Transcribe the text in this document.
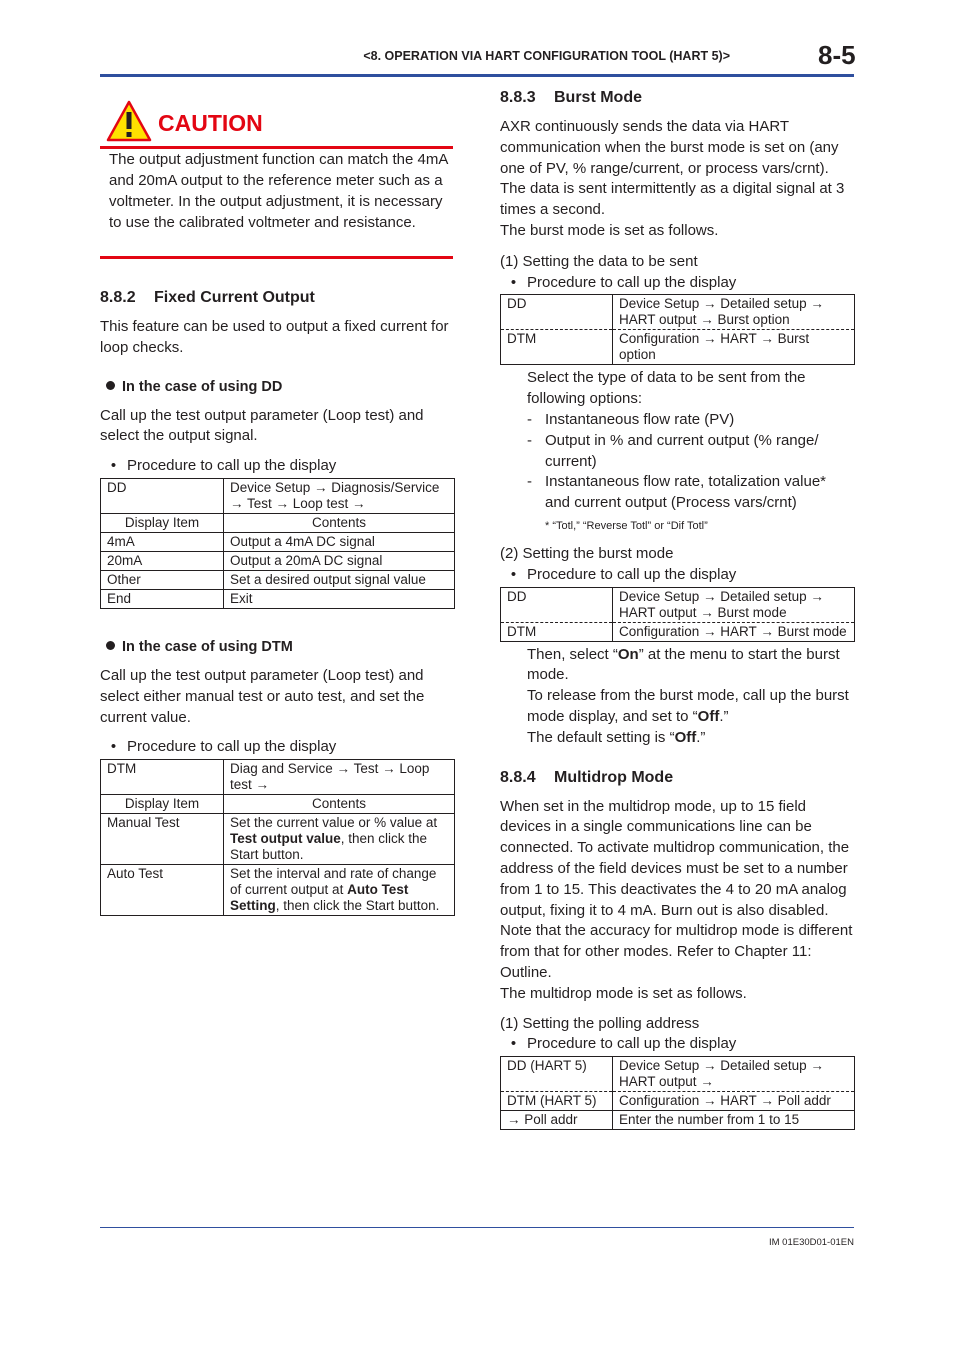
<8. OPERATION VIA HART CONFIGURATION TOOL (HART 5)>	8-5
CAUTION
The output adjustment function can match the 4mA and 20mA output to the reference meter such as a voltmeter. In the output adjustment, it is necessary to use the calibrated voltmeter and resistance.
8.8.2 Fixed Current Output
This feature can be used to output a fixed current for loop checks.
In the case of using DD
Call up the test output parameter (Loop test) and select the output signal.
• Procedure to call up the display
DD	Device Setup → Diagnosis/Service → Test → Loop test →
Display Item	Contents
4mA	Output a 4mA DC signal
20mA	Output a 20mA DC signal
Other	Set a desired output signal value
End	Exit
In the case of using DTM
Call up the test output parameter (Loop test) and select either manual test or auto test, and set the current value.
• Procedure to call up the display
DTM	Diag and Service → Test → Loop test →
Display Item	Contents
Manual Test	Set the current value or % value at Test output value, then click the Start button.
Auto Test	Set the interval and rate of change of current output at Auto Test Setting, then click the Start button.
8.8.3 Burst Mode
AXR continuously sends the data via HART communication when the burst mode is set on (any one of PV, % range/current, or process vars/crnt). The data is sent intermittently as a digital signal at 3 times a second.
The burst mode is set as follows.
(1) Setting the data to be sent
• Procedure to call up the display
DD	Device Setup → Detailed setup → HART output → Burst option
DTM	Configuration → HART → Burst option
Select the type of data to be sent from the following options:
- Instantaneous flow rate (PV)
- Output in % and current output (% range/ current)
- Instantaneous flow rate, totalization value* and current output (Process vars/crnt)
* “Totl,” “Reverse Totl” or “Dif Totl”
(2) Setting the burst mode
• Procedure to call up the display
DD	Device Setup → Detailed setup → HART output → Burst mode
DTM	Configuration → HART → Burst mode
Then, select “On” at the menu to start the burst mode.
To release from the burst mode, call up the burst mode display, and set to “Off.”
The default setting is “Off.”
8.8.4 Multidrop Mode
When set in the multidrop mode, up to 15 field devices in a single communications line can be connected. To activate multidrop communication, the address of the field devices must be set to a number from 1 to 15. This deactivates the 4 to 20 mA analog output, fixing it to 4 mA. Burn out is also disabled.
Note that the accuracy for multidrop mode is different from that for other modes. Refer to Chapter 11: Outline.
The multidrop mode is set as follows.
(1) Setting the polling address
• Procedure to call up the display
DD (HART 5)	Device Setup → Detailed setup → HART output →
DTM (HART 5)	Configuration → HART → Poll addr
→ Poll addr	Enter the number from 1 to 15
IM 01E30D01-01EN
